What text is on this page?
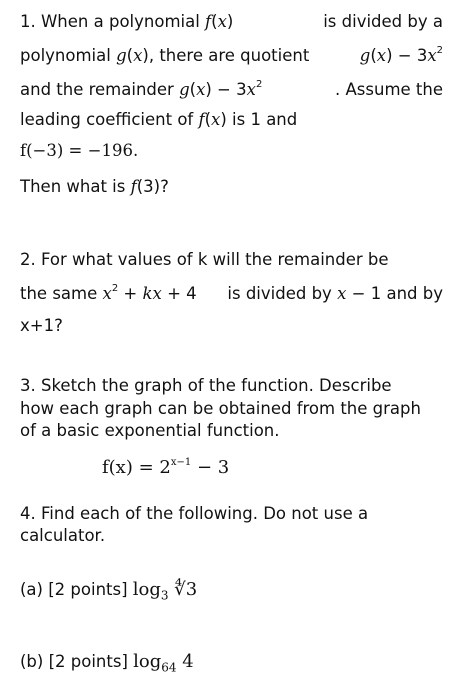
1. When a polynomial f(x)	is divided by a
polynomial g(x), there are quotient	$g(x) - 3x^2$
and the remainder $g(x) - 3x^2$	. Assume the
leading coefficient of f(x) is 1 and
f(−3) = −196.
Then what is f(3)?
2. For what values of k will the remainder be
the same $x^2$ + kx + 4 is divided by x − 1 and by
x+1?
3. Sketch the graph of the function. Describe
how each graph can be obtained from the graph
of a basic exponential function.
$f(x) = 2^{x-1} - 3$
4. Find each of the following. Do not use a
calculator.
(a) [2 points] $\log_3$ ∜3
(b) [2 points] $\log_{64} 4$
